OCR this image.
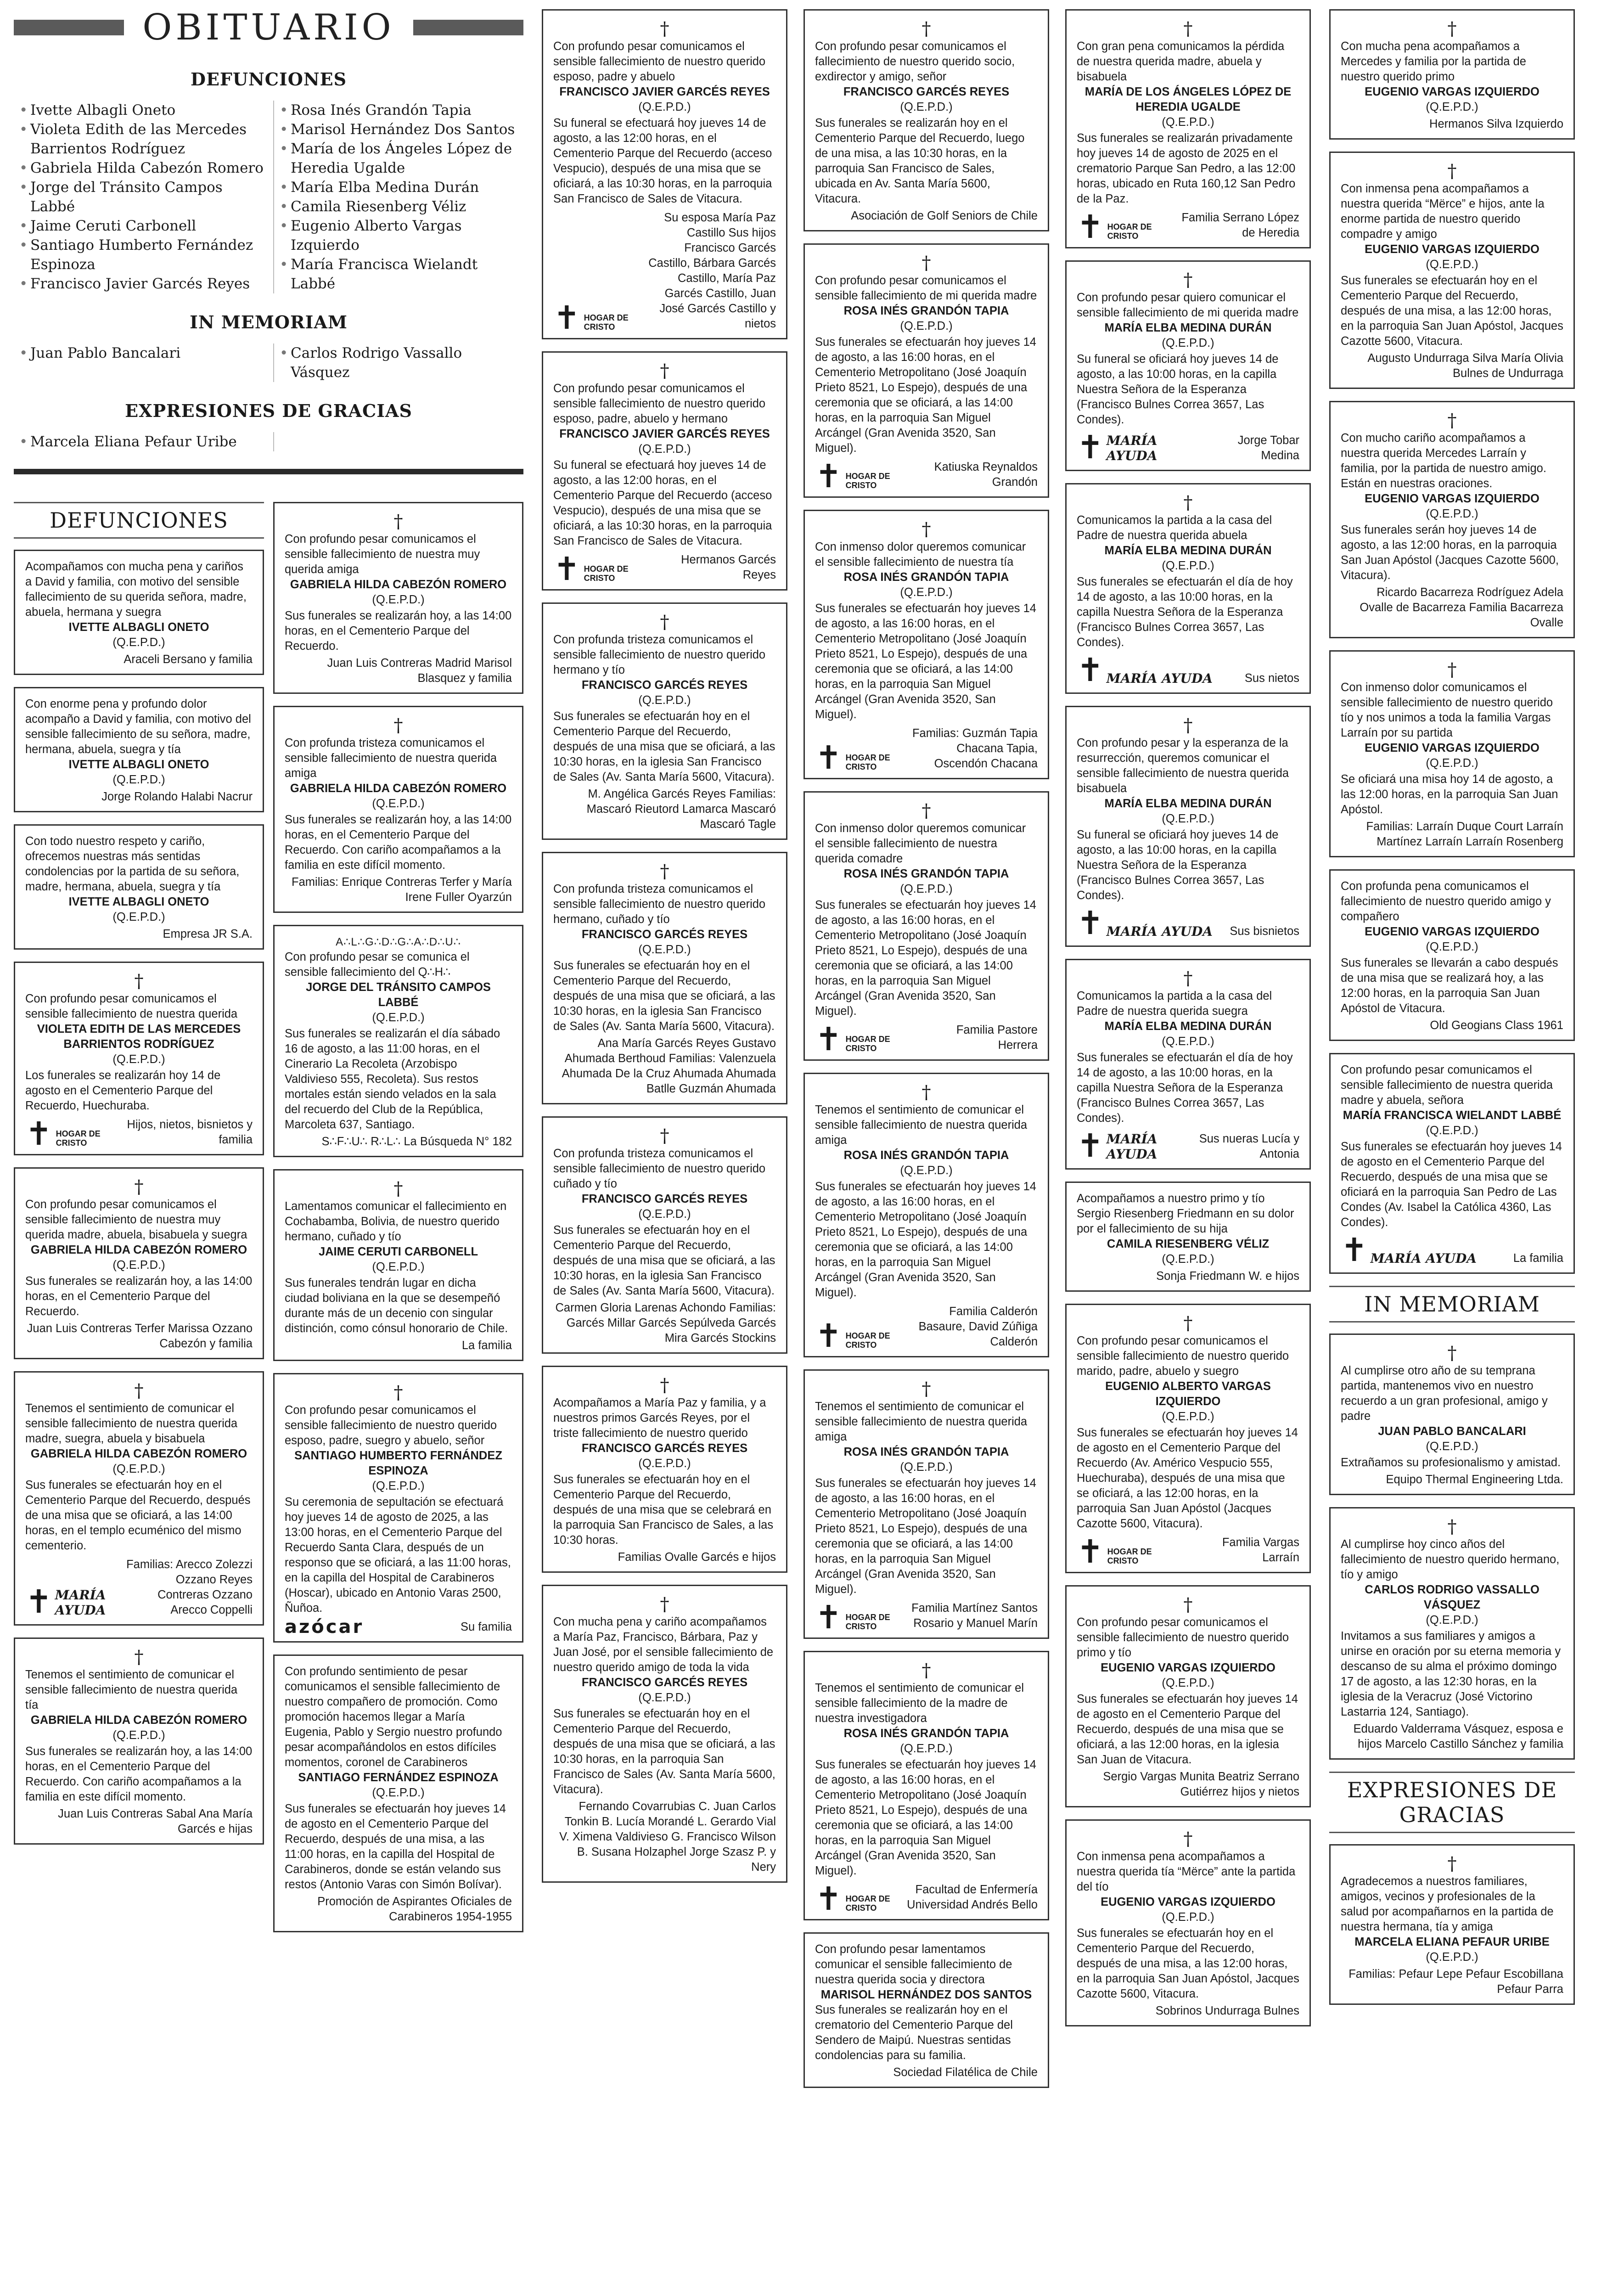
OBITUARIO
DEFUNCIONES
• Ivette Albagli Oneto
• Violeta Edith de las Mercedes Barrientos Rodríguez
• Gabriela Hilda Cabezón Romero
• Jorge del Tránsito Campos Labbé
• Jaime Ceruti Carbonell
• Santiago Humberto Fernández Espinoza
• Francisco Javier Garcés Reyes
• Rosa Inés Grandón Tapia
• Marisol Hernández Dos Santos
• María de los Ángeles López de Heredia Ugalde
• María Elba Medina Durán
• Camila Riesenberg Véliz
• Eugenio Alberto Vargas Izquierdo
• María Francisca Wielandt Labbé
IN MEMORIAM
• Juan Pablo Bancalari	• Carlos Rodrigo Vassallo Vásquez
EXPRESIONES DE GRACIAS
• Marcela Eliana Pefaur Uribe
DEFUNCIONES

Acompañamos con mucha pena y cariños a David y familia, con motivo del sensible fallecimiento de su querida señora, madre, abuela, hermana y suegra

IVETTE ALBAGLI ONETO

(Q.E.P.D.)

Araceli Bersano y familia

Con enorme pena y profundo dolor acompaño a David y familia, con motivo del sensible fallecimiento de su señora, madre, hermana, abuela, suegra y tía

IVETTE ALBAGLI ONETO

(Q.E.P.D.)

Jorge Rolando Halabi Nacrur

Con todo nuestro respeto y cariño, ofrecemos nuestras más sentidas condolencias por la partida de su señora, madre, hermana, abuela, suegra y tía

IVETTE ALBAGLI ONETO

(Q.E.P.D.)

Empresa JR S.A.

†

Con profundo pesar comunicamos el sensible fallecimiento de nuestra querida

VIOLETA EDITH DE LAS MERCEDES BARRIENTOS RODRÍGUEZ

(Q.E.P.D.)

Los funerales se realizarán hoy 14 de agosto en el Cementerio Parque del Recuerdo, Huechuraba.

✝ HOGAR DE CRISTO

Hijos, nietos, bisnietos y familia

†

Con profundo pesar comunicamos el sensible fallecimiento de nuestra muy querida madre, abuela, bisabuela y suegra

GABRIELA HILDA CABEZÓN ROMERO

(Q.E.P.D.)

Sus funerales se realizarán hoy, a las 14:00 horas, en el Cementerio Parque del Recuerdo.

Juan Luis Contreras Terfer Marissa Ozzano Cabezón y familia

†

Tenemos el sentimiento de comunicar el sensible fallecimiento de nuestra querida madre, suegra, abuela y bisabuela

GABRIELA HILDA CABEZÓN ROMERO

(Q.E.P.D.)

Sus funerales se efectuarán hoy en el Cementerio Parque del Recuerdo, después de una misa que se oficiará, a las 14:00 horas, en el templo ecuménico del mismo cementerio.

✝ MARÍA AYUDA

Familias: Arecco Zolezzi Ozzano Reyes Contreras Ozzano Arecco Coppelli

†

Tenemos el sentimiento de comunicar el sensible fallecimiento de nuestra querida tía

GABRIELA HILDA CABEZÓN ROMERO

(Q.E.P.D.)

Sus funerales se realizarán hoy, a las 14:00 horas, en el Cementerio Parque del Recuerdo. Con cariño acompañamos a la familia en este difícil momento.

Juan Luis Contreras Sabal Ana María Garcés e hijas

†

Con profundo pesar comunicamos el sensible fallecimiento de nuestra muy querida amiga

GABRIELA HILDA CABEZÓN ROMERO

(Q.E.P.D.)

Sus funerales se realizarán hoy, a las 14:00 horas, en el Cementerio Parque del Recuerdo.

Juan Luis Contreras Madrid Marisol Blasquez y familia

†

Con profunda tristeza comunicamos el sensible fallecimiento de nuestra querida amiga

GABRIELA HILDA CABEZÓN ROMERO

(Q.E.P.D.)

Sus funerales se realizarán hoy, a las 14:00 horas, en el Cementerio Parque del Recuerdo. Con cariño acompañamos a la familia en este difícil momento.

Familias: Enrique Contreras Terfer y María Irene Fuller Oyarzún

A∴L∴G∴D∴G∴A∴D∴U∴

Con profundo pesar se comunica el sensible fallecimiento del Q∴H∴

JORGE DEL TRÁNSITO CAMPOS LABBÉ

(Q.E.P.D.)

Sus funerales se realizarán el día sábado 16 de agosto, a las 11:00 horas, en el Cinerario La Recoleta (Arzobispo Valdivieso 555, Recoleta). Sus restos mortales están siendo velados en la sala del recuerdo del Club de la República, Marcoleta 637, Santiago.

S∴F∴U∴ R∴L∴ La Búsqueda N° 182

†

Lamentamos comunicar el fallecimiento en Cochabamba, Bolivia, de nuestro querido hermano, cuñado y tío

JAIME CERUTI CARBONELL

(Q.E.P.D.)

Sus funerales tendrán lugar en dicha ciudad boliviana en la que se desempeñó durante más de un decenio con singular distinción, como cónsul honorario de Chile.

La familia

†

Con profundo pesar comunicamos el sensible fallecimiento de nuestro querido esposo, padre, suegro y abuelo, señor

SANTIAGO HUMBERTO FERNÁNDEZ ESPINOZA

(Q.E.P.D.)

Su ceremonia de sepultación se efectuará hoy jueves 14 de agosto de 2025, a las 13:00 horas, en el Cementerio Parque del Recuerdo Santa Clara, después de un responso que se oficiará, a las 11:00 horas, en la capilla del Hospital de Carabineros (Hoscar), ubicado en Antonio Varas 2500, Ñuñoa.

azócar	Su familia

Con profundo sentimiento de pesar comunicamos el sensible fallecimiento de nuestro compañero de promoción. Como promoción hacemos llegar a María Eugenia, Pablo y Sergio nuestro profundo pesar acompañándolos en estos difíciles momentos, coronel de Carabineros

SANTIAGO FERNÁNDEZ ESPINOZA

(Q.E.P.D.)

Sus funerales se efectuarán hoy jueves 14 de agosto en el Cementerio Parque del Recuerdo, después de una misa, a las 11:00 horas, en la capilla del Hospital de Carabineros, donde se están velando sus restos (Antonio Varas con Simón Bolívar).

Promoción de Aspirantes Oficiales de Carabineros 1954-1955

†

Con profundo pesar comunicamos el sensible fallecimiento de nuestro querido esposo, padre y abuelo

FRANCISCO JAVIER GARCÉS REYES

(Q.E.P.D.)

Su funeral se efectuará hoy jueves 14 de agosto, a las 12:00 horas, en el Cementerio Parque del Recuerdo (acceso Vespucio), después de una misa que se oficiará, a las 10:30 horas, en la parroquia San Francisco de Sales de Vitacura.

✝ HOGAR DE CRISTO

Su esposa María Paz Castillo Sus hijos Francisco Garcés Castillo, Bárbara Garcés Castillo, María Paz Garcés Castillo, Juan José Garcés Castillo y nietos

†

Con profundo pesar comunicamos el sensible fallecimiento de nuestro querido esposo, padre, abuelo y hermano

FRANCISCO JAVIER GARCÉS REYES

(Q.E.P.D.)

Su funeral se efectuará hoy jueves 14 de agosto, a las 12:00 horas, en el Cementerio Parque del Recuerdo (acceso Vespucio), después de una misa que se oficiará, a las 10:30 horas, en la parroquia San Francisco de Sales de Vitacura.

✝ HOGAR DE CRISTO

Hermanos Garcés Reyes

†

Con profunda tristeza comunicamos el sensible fallecimiento de nuestro querido hermano y tío

FRANCISCO GARCÉS REYES

(Q.E.P.D.)

Sus funerales se efectuarán hoy en el Cementerio Parque del Recuerdo, después de una misa que se oficiará, a las 10:30 horas, en la iglesia San Francisco de Sales (Av. Santa María 5600, Vitacura).

M. Angélica Garcés Reyes Familias: Mascaró Rieutord Lamarca Mascaró Mascaró Tagle

†

Con profunda tristeza comunicamos el sensible fallecimiento de nuestro querido hermano, cuñado y tío

FRANCISCO GARCÉS REYES

(Q.E.P.D.)

Sus funerales se efectuarán hoy en el Cementerio Parque del Recuerdo, después de una misa que se oficiará, a las 10:30 horas, en la iglesia San Francisco de Sales (Av. Santa María 5600, Vitacura).

Ana María Garcés Reyes Gustavo Ahumada Berthoud Familias: Valenzuela Ahumada De la Cruz Ahumada Ahumada Batlle Guzmán Ahumada

†

Con profunda tristeza comunicamos el sensible fallecimiento de nuestro querido cuñado y tío

FRANCISCO GARCÉS REYES

(Q.E.P.D.)

Sus funerales se efectuarán hoy en el Cementerio Parque del Recuerdo, después de una misa que se oficiará, a las 10:30 horas, en la iglesia San Francisco de Sales (Av. Santa María 5600, Vitacura).

Carmen Gloria Larenas Achondo Familias: Garcés Millar Garcés Sepúlveda Garcés Mira Garcés Stockins

†

Acompañamos a María Paz y familia, y a nuestros primos Garcés Reyes, por el triste fallecimiento de nuestro querido

FRANCISCO GARCÉS REYES

(Q.E.P.D.)

Sus funerales se efectuarán hoy en el Cementerio Parque del Recuerdo, después de una misa que se celebrará en la parroquia San Francisco de Sales, a las 10:30 horas.

Familias Ovalle Garcés e hijos

†

Con mucha pena y cariño acompañamos a María Paz, Francisco, Bárbara, Paz y Juan José, por el sensible fallecimiento de nuestro querido amigo de toda la vida

FRANCISCO GARCÉS REYES

(Q.E.P.D.)

Sus funerales se efectuarán hoy en el Cementerio Parque del Recuerdo, después de una misa que se oficiará, a las 10:30 horas, en la parroquia San Francisco de Sales (Av. Santa María 5600, Vitacura).

Fernando Covarrubias C. Juan Carlos Tonkin B. Lucía Morandé L. Gerardo Vial V. Ximena Valdivieso G. Francisco Wilson B. Susana Holzaphel Jorge Szasz P. y Nery

†

Con profundo pesar comunicamos el fallecimiento de nuestro querido socio, exdirector y amigo, señor

FRANCISCO GARCÉS REYES

(Q.E.P.D.)

Sus funerales se realizarán hoy en el Cementerio Parque del Recuerdo, luego de una misa, a las 10:30 horas, en la parroquia San Francisco de Sales, ubicada en Av. Santa María 5600, Vitacura.

Asociación de Golf Seniors de Chile

†

Con profundo pesar comunicamos el sensible fallecimiento de mi querida madre

ROSA INÉS GRANDÓN TAPIA

(Q.E.P.D.)

Sus funerales se efectuarán hoy jueves 14 de agosto, a las 16:00 horas, en el Cementerio Metropolitano (José Joaquín Prieto 8521, Lo Espejo), después de una ceremonia que se oficiará, a las 14:00 horas, en la parroquia San Miguel Arcángel (Gran Avenida 3520, San Miguel).

✝ HOGAR DE CRISTO

Katiuska Reynaldos Grandón

†

Con inmenso dolor queremos comunicar el sensible fallecimiento de nuestra tía

ROSA INÉS GRANDÓN TAPIA

(Q.E.P.D.)

Sus funerales se efectuarán hoy jueves 14 de agosto, a las 16:00 horas, en el Cementerio Metropolitano (José Joaquín Prieto 8521, Lo Espejo), después de una ceremonia que se oficiará, a las 14:00 horas, en la parroquia San Miguel Arcángel (Gran Avenida 3520, San Miguel).

✝ HOGAR DE CRISTO

Familias: Guzmán Tapia Chacana Tapia, Oscendón Chacana

†

Con inmenso dolor queremos comunicar el sensible fallecimiento de nuestra querida comadre

ROSA INÉS GRANDÓN TAPIA

(Q.E.P.D.)

Sus funerales se efectuarán hoy jueves 14 de agosto, a las 16:00 horas, en el Cementerio Metropolitano (José Joaquín Prieto 8521, Lo Espejo), después de una ceremonia que se oficiará, a las 14:00 horas, en la parroquia San Miguel Arcángel (Gran Avenida 3520, San Miguel).

✝ HOGAR DE CRISTO

Familia Pastore Herrera

†

Tenemos el sentimiento de comunicar el sensible fallecimiento de nuestra querida amiga

ROSA INÉS GRANDÓN TAPIA

(Q.E.P.D.)

Sus funerales se efectuarán hoy jueves 14 de agosto, a las 16:00 horas, en el Cementerio Metropolitano (José Joaquín Prieto 8521, Lo Espejo), después de una ceremonia que se oficiará, a las 14:00 horas, en la parroquia San Miguel Arcángel (Gran Avenida 3520, San Miguel).

✝ HOGAR DE CRISTO

Familia Calderón Basaure, David Zúñiga Calderón

†

Tenemos el sentimiento de comunicar el sensible fallecimiento de nuestra querida amiga

ROSA INÉS GRANDÓN TAPIA

(Q.E.P.D.)

Sus funerales se efectuarán hoy jueves 14 de agosto, a las 16:00 horas, en el Cementerio Metropolitano (José Joaquín Prieto 8521, Lo Espejo), después de una ceremonia que se oficiará, a las 14:00 horas, en la parroquia San Miguel Arcángel (Gran Avenida 3520, San Miguel).

✝ HOGAR DE CRISTO

Familia Martínez Santos Rosario y Manuel Marín

†

Tenemos el sentimiento de comunicar el sensible fallecimiento de la madre de nuestra investigadora

ROSA INÉS GRANDÓN TAPIA

(Q.E.P.D.)

Sus funerales se efectuarán hoy jueves 14 de agosto, a las 16:00 horas, en el Cementerio Metropolitano (José Joaquín Prieto 8521, Lo Espejo), después de una ceremonia que se oficiará, a las 14:00 horas, en la parroquia San Miguel Arcángel (Gran Avenida 3520, San Miguel).

✝ HOGAR DE CRISTO

Facultad de Enfermería Universidad Andrés Bello

Con profundo pesar lamentamos comunicar el sensible fallecimiento de nuestra querida socia y directora

MARISOL HERNÁNDEZ DOS SANTOS

Sus funerales se realizarán hoy en el crematorio del Cementerio Parque del Sendero de Maipú. Nuestras sentidas condolencias para su familia.

Sociedad Filatélica de Chile

†

Con gran pena comunicamos la pérdida de nuestra querida madre, abuela y bisabuela

MARÍA DE LOS ÁNGELES LÓPEZ DE HEREDIA UGALDE

(Q.E.P.D.)

Sus funerales se realizarán privadamente hoy jueves 14 de agosto de 2025 en el crematorio Parque San Pedro, a las 12:00 horas, ubicado en Ruta 160,12 San Pedro de la Paz.

✝ HOGAR DE CRISTO

Familia Serrano López de Heredia

†

Con profundo pesar quiero comunicar el sensible fallecimiento de mi querida madre

MARÍA ELBA MEDINA DURÁN

(Q.E.P.D.)

Su funeral se oficiará hoy jueves 14 de agosto, a las 10:00 horas, en la capilla Nuestra Señora de la Esperanza (Francisco Bulnes Correa 3657, Las Condes).

✝ MARÍA AYUDA

Jorge Tobar Medina

†

Comunicamos la partida a la casa del Padre de nuestra querida abuela

MARÍA ELBA MEDINA DURÁN

(Q.E.P.D.)

Sus funerales se efectuarán el día de hoy 14 de agosto, a las 10:00 horas, en la capilla Nuestra Señora de la Esperanza (Francisco Bulnes Correa 3657, Las Condes).

✝ MARÍA AYUDA	Sus nietos

†

Con profundo pesar y la esperanza de la resurrección, queremos comunicar el sensible fallecimiento de nuestra querida bisabuela

MARÍA ELBA MEDINA DURÁN

(Q.E.P.D.)

Su funeral se oficiará hoy jueves 14 de agosto, a las 10:00 horas, en la capilla Nuestra Señora de la Esperanza (Francisco Bulnes Correa 3657, Las Condes).

✝ MARÍA AYUDA Sus bisnietos

†

Comunicamos la partida a la casa del Padre de nuestra querida suegra

MARÍA ELBA MEDINA DURÁN

(Q.E.P.D.)

Sus funerales se efectuarán el día de hoy 14 de agosto, a las 10:00 horas, en la capilla Nuestra Señora de la Esperanza (Francisco Bulnes Correa 3657, Las Condes).

✝ MARÍA AYUDA

Sus nueras Lucía y Antonia

Acompañamos a nuestro primo y tío Sergio Riesenberg Friedmann en su dolor por el fallecimiento de su hija

CAMILA RIESENBERG VÉLIZ

(Q.E.P.D.)

Sonja Friedmann W. e hijos

†

Con profundo pesar comunicamos el sensible fallecimiento de nuestro querido marido, padre, abuelo y suegro

EUGENIO ALBERTO VARGAS IZQUIERDO

(Q.E.P.D.)

Sus funerales se efectuarán hoy jueves 14 de agosto en el Cementerio Parque del Recuerdo (Av. Américo Vespucio 555, Huechuraba), después de una misa que se oficiará, a las 12:00 horas, en la parroquia San Juan Apóstol (Jacques Cazotte 5600, Vitacura).

✝ HOGAR DE CRISTO

Familia Vargas Larraín

†

Con profundo pesar comunicamos el sensible fallecimiento de nuestro querido primo y tío

EUGENIO VARGAS IZQUIERDO

(Q.E.P.D.)

Sus funerales se efectuarán hoy jueves 14 de agosto en el Cementerio Parque del Recuerdo, después de una misa que se oficiará, a las 12:00 horas, en la iglesia San Juan de Vitacura.

Sergio Vargas Munita Beatriz Serrano Gutiérrez hijos y nietos

†

Con inmensa pena acompañamos a nuestra querida tía “Mërce” ante la partida del tío

EUGENIO VARGAS IZQUIERDO

(Q.E.P.D.)

Sus funerales se efectuarán hoy en el Cementerio Parque del Recuerdo, después de una misa, a las 12:00 horas, en la parroquia San Juan Apóstol, Jacques Cazotte 5600, Vitacura.

Sobrinos Undurraga Bulnes

†

Con mucha pena acompañamos a Mercedes y familia por la partida de nuestro querido primo

EUGENIO VARGAS IZQUIERDO

(Q.E.P.D.)

Hermanos Silva Izquierdo

†

Con inmensa pena acompañamos a nuestra querida “Mërce” e hijos, ante la enorme partida de nuestro querido compadre y amigo

EUGENIO VARGAS IZQUIERDO

(Q.E.P.D.)

Sus funerales se efectuarán hoy en el Cementerio Parque del Recuerdo, después de una misa, a las 12:00 horas, en la parroquia San Juan Apóstol, Jacques Cazotte 5600, Vitacura.

Augusto Undurraga Silva María Olivia Bulnes de Undurraga

†

Con mucho cariño acompañamos a nuestra querida Mercedes Larraín y familia, por la partida de nuestro amigo. Están en nuestras oraciones.

EUGENIO VARGAS IZQUIERDO

(Q.E.P.D.)

Sus funerales serán hoy jueves 14 de agosto, a las 12:00 horas, en la parroquia San Juan Apóstol (Jacques Cazotte 5600, Vitacura).

Ricardo Bacarreza Rodríguez Adela Ovalle de Bacarreza Familia Bacarreza Ovalle

†

Con inmenso dolor comunicamos el sensible fallecimiento de nuestro querido tío y nos unimos a toda la familia Vargas Larraín por su partida

EUGENIO VARGAS IZQUIERDO

(Q.E.P.D.)

Se oficiará una misa hoy 14 de agosto, a las 12:00 horas, en la parroquia San Juan Apóstol.

Familias: Larraín Duque Court Larraín Martínez Larraín Larraín Rosenberg

Con profunda pena comunicamos el fallecimiento de nuestro querido amigo y compañero

EUGENIO VARGAS IZQUIERDO

(Q.E.P.D.)

Sus funerales se llevarán a cabo después de una misa que se realizará hoy, a las 12:00 horas, en la parroquia San Juan Apóstol de Vitacura.

Old Geogians Class 1961

Con profundo pesar comunicamos el sensible fallecimiento de nuestra querida madre y abuela, señora

MARÍA FRANCISCA WIELANDT LABBÉ

(Q.E.P.D.)

Sus funerales se efectuarán hoy jueves 14 de agosto en el Cementerio Parque del Recuerdo, después de una misa que se oficiará en la parroquia San Pedro de Las Condes (Av. Isabel la Católica 4360, Las Condes).

✝ MARÍA AYUDA	La familia

IN MEMORIAM
†

Al cumplirse otro año de su temprana partida, mantenemos vivo en nuestro recuerdo a un gran profesional, amigo y padre

JUAN PABLO BANCALARI

(Q.E.P.D.)

Extrañamos su profesionalismo y amistad.

Equipo Thermal Engineering Ltda.

†

Al cumplirse hoy cinco años del fallecimiento de nuestro querido hermano, tío y amigo

CARLOS RODRIGO VASSALLO VÁSQUEZ

(Q.E.P.D.)

Invitamos a sus familiares y amigos a unirse en oración por su eterna memoria y descanso de su alma el próximo domingo 17 de agosto, a las 12:30 horas, en la iglesia de la Veracruz (José Victorino Lastarria 124, Santiago).

Eduardo Valderrama Vásquez, esposa e hijos Marcelo Castillo Sánchez y familia

EXPRESIONES DE GRACIAS
†

Agradecemos a nuestros familiares, amigos, vecinos y profesionales de la salud por acompañarnos en la partida de nuestra hermana, tía y amiga

MARCELA ELIANA PEFAUR URIBE

(Q.E.P.D.)

Familias: Pefaur Lepe Pefaur Escobillana Pefaur Parra
